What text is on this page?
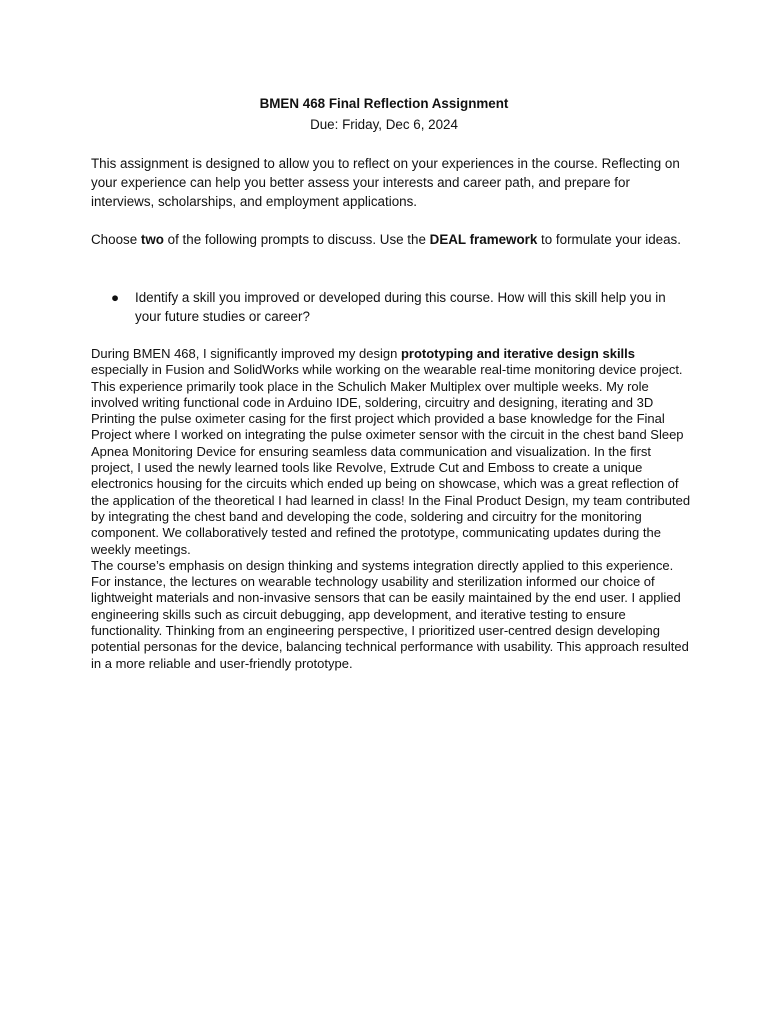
BMEN 468 Final Reflection Assignment

Due: Friday, Dec 6, 2024

This assignment is designed to allow you to reflect on your experiences in the course. Reflecting on your experience can help you better assess your interests and career path, and prepare for interviews, scholarships, and employment applications.

Choose two of the following prompts to discuss. Use the DEAL framework to formulate your ideas.

● Identify a skill you improved or developed during this course. How will this skill help you in your future studies or career?

During BMEN 468, I significantly improved my design prototyping and iterative design skills especially in Fusion and SolidWorks while working on the wearable real-time monitoring device project. This experience primarily took place in the Schulich Maker Multiplex over multiple weeks. My role involved writing functional code in Arduino IDE, soldering, circuitry and designing, iterating and 3D Printing the pulse oximeter casing for the first project which provided a base knowledge for the Final Project where I worked on integrating the pulse oximeter sensor with the circuit in the chest band Sleep Apnea Monitoring Device for ensuring seamless data communication and visualization. In the first project, I used the newly learned tools like Revolve, Extrude Cut and Emboss to create a unique electronics housing for the circuits which ended up being on showcase, which was a great reflection of the application of the theoretical I had learned in class! In the Final Product Design, my team contributed by integrating the chest band and developing the code, soldering and circuitry for the monitoring component. We collaboratively tested and refined the prototype, communicating updates during the weekly meetings.

The course’s emphasis on design thinking and systems integration directly applied to this experience. For instance, the lectures on wearable technology usability and sterilization informed our choice of lightweight materials and non-invasive sensors that can be easily maintained by the end user. I applied engineering skills such as circuit debugging, app development, and iterative testing to ensure functionality. Thinking from an engineering perspective, I prioritized user-centred design developing potential personas for the device, balancing technical performance with usability. This approach resulted in a more reliable and user-friendly prototype.
